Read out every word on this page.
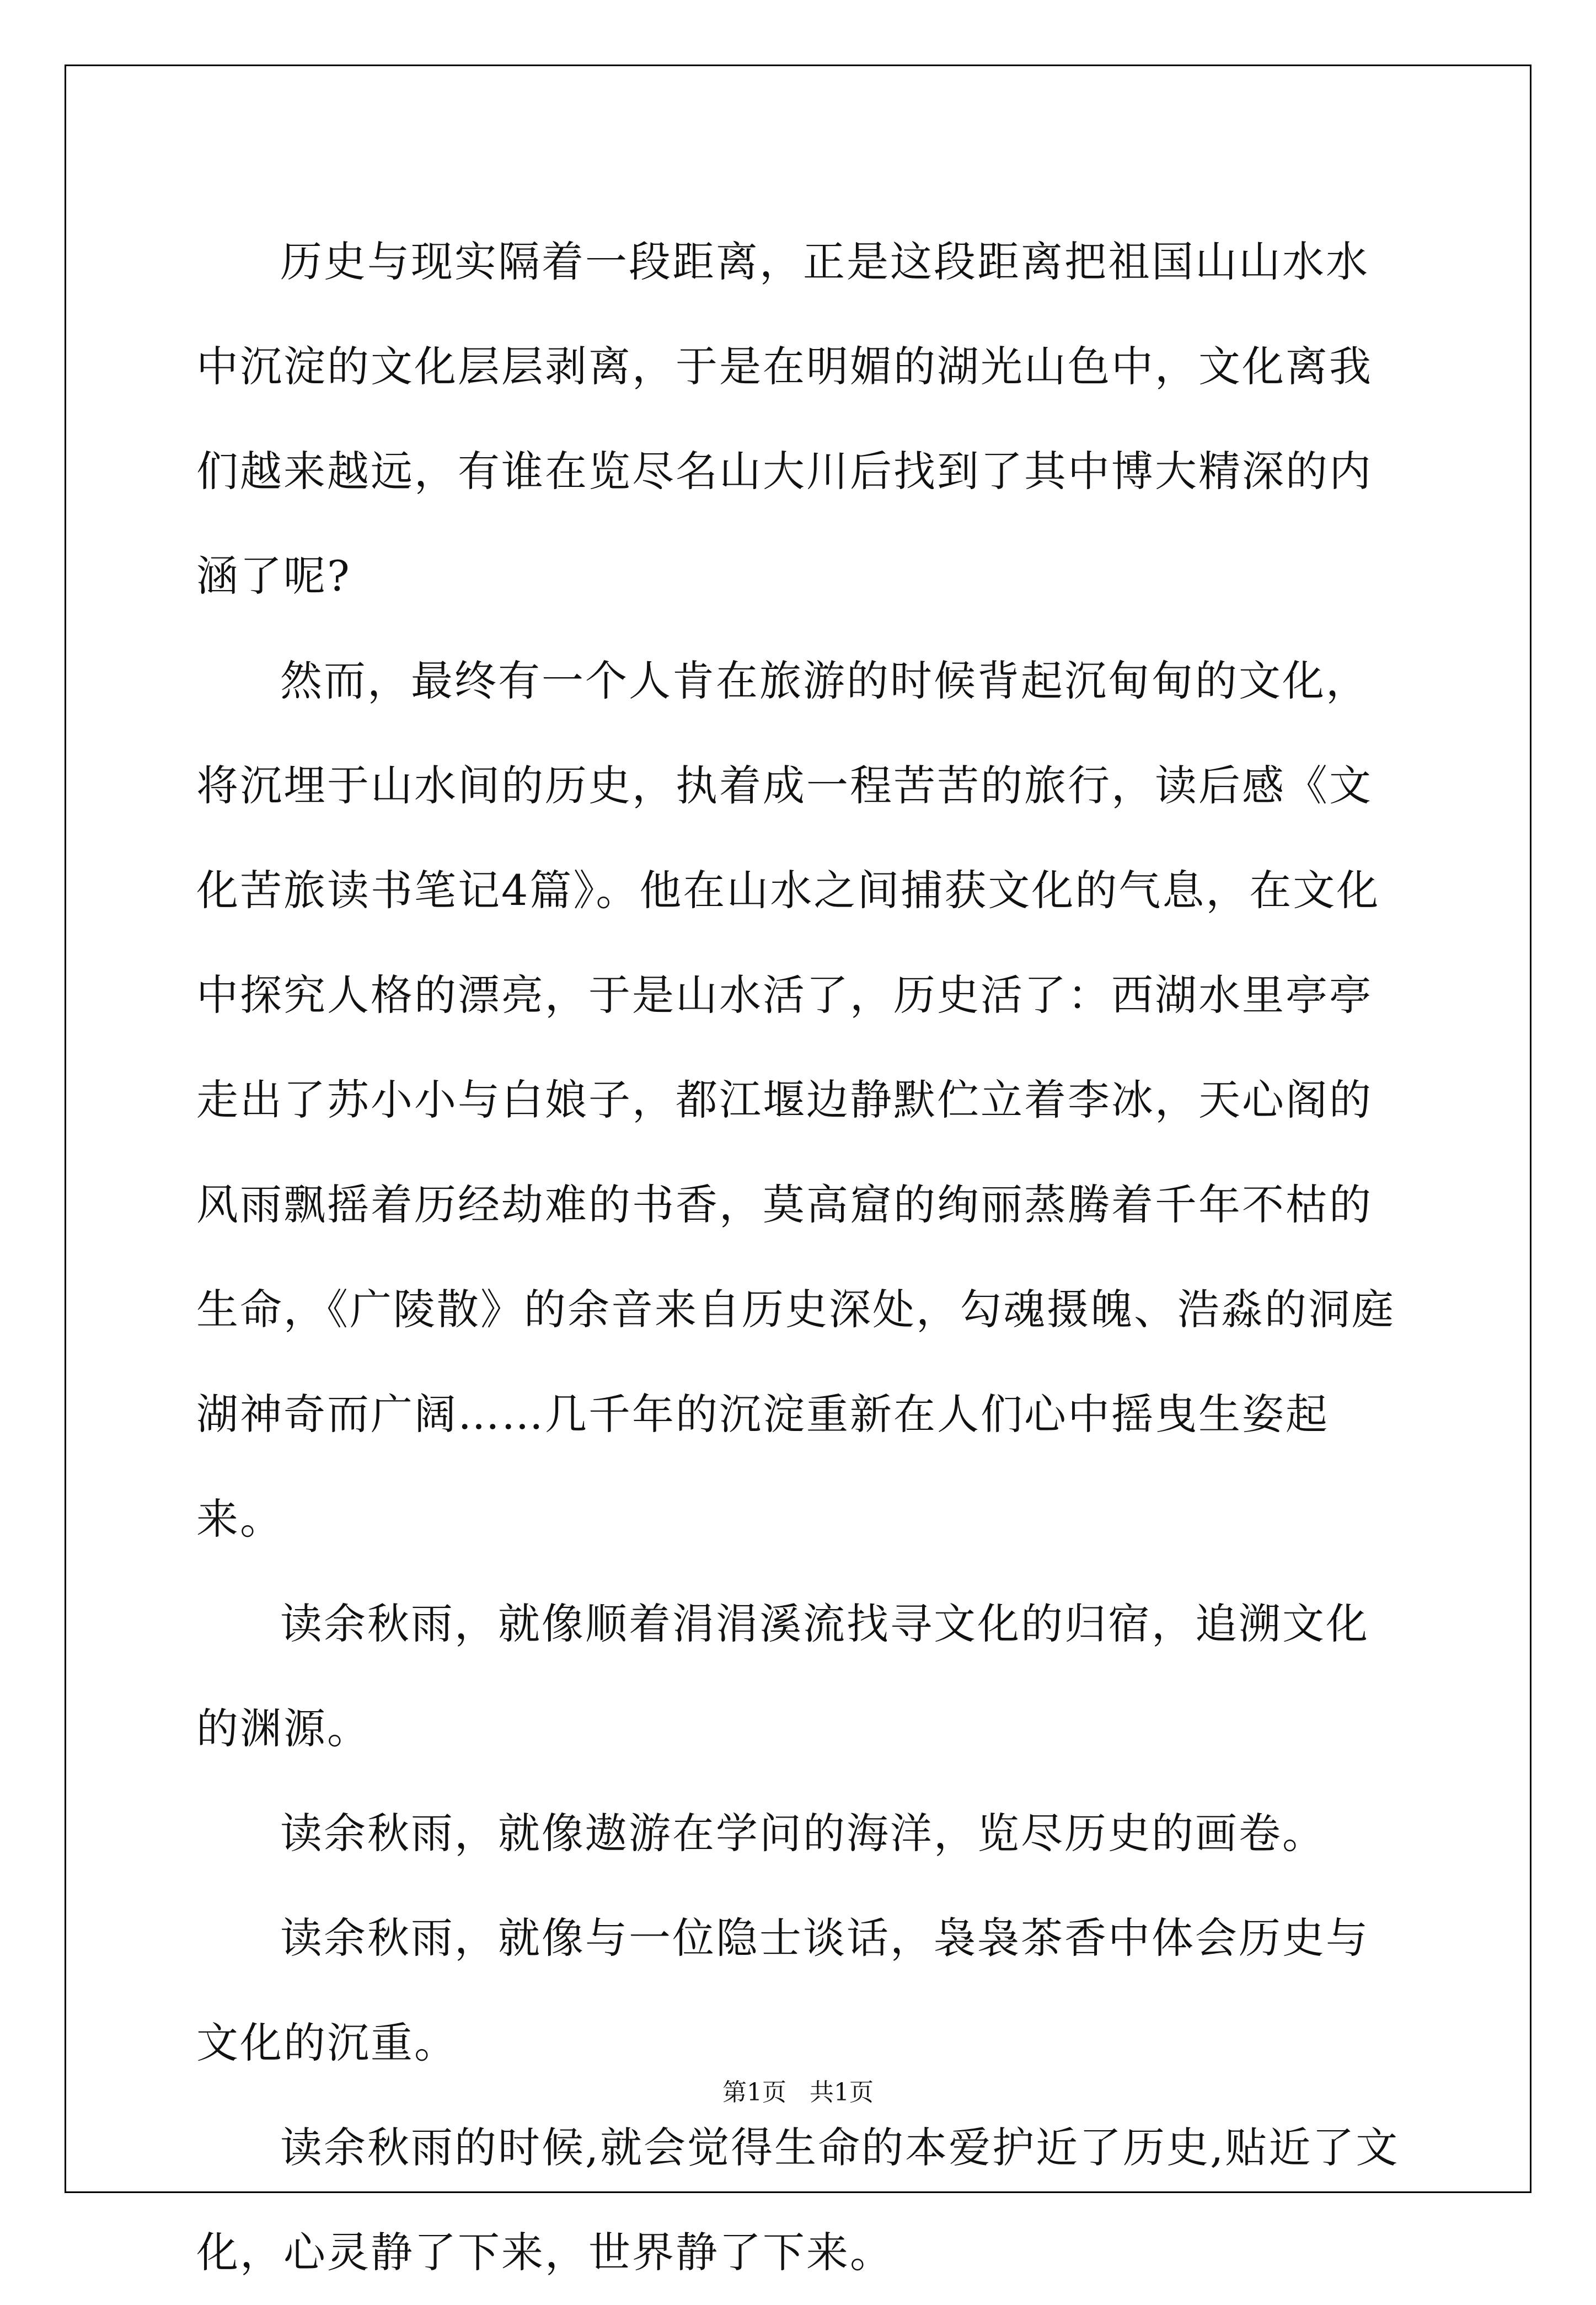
历史与现实隔着一段距离，正是这段距离把祖国山山水水中沉淀的文化层层剥离，于是在明媚的湖光山色中，文化离我们越来越远，有谁在览尽名山大川后找到了其中博大精深的内涵了呢?

然而，最终有一个人肯在旅游的时候背起沉甸甸的文化，将沉埋于山水间的历史，执着成一程苦苦的旅行，读后感《文化苦旅读书笔记4篇》。他在山水之间捕获文化的气息，在文化中探究人格的漂亮，于是山水活了，历史活了：西湖水里亭亭走出了苏小小与白娘子，都江堰边静默伫立着李冰，天心阁的风雨飘摇着历经劫难的书香，莫高窟的绚丽蒸腾着千年不枯的生命，《广陵散》的余音来自历史深处，勾魂摄魄、浩淼的洞庭湖神奇而广阔……几千年的沉淀重新在人们心中摇曳生姿起来。

读余秋雨，就像顺着涓涓溪流找寻文化的归宿，追溯文化的渊源。

读余秋雨，就像遨游在学问的海洋，览尽历史的画卷。

读余秋雨，就像与一位隐士谈话，袅袅茶香中体会历史与文化的沉重。

读余秋雨的时候,就会觉得生命的本爱护近了历史,贴近了文化，心灵静了下来，世界静了下来。

第1页   共1页
